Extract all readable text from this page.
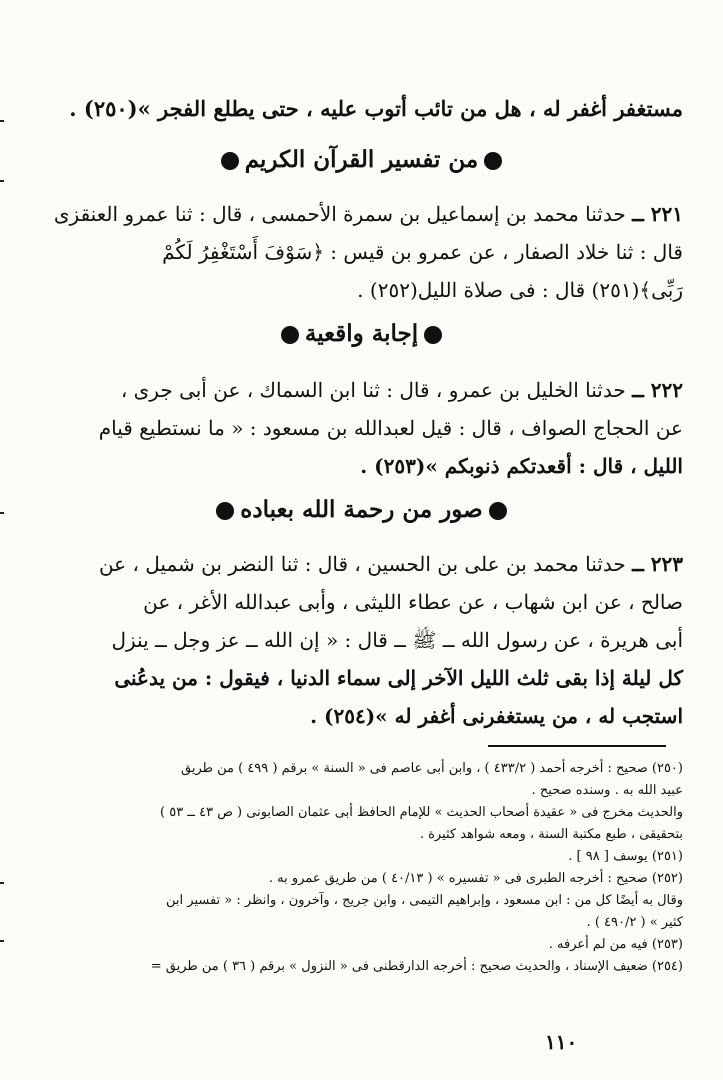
مستغفر أغفر له ، هل من تائب أتوب عليه ، حتى يطلع الفجر »(٢٥٠) .
من تفسير القرآن الكريم
٢٢١ ــ حدثنا محمد بن إسماعيل بن سمرة الأحمسى ، قال : ثنا عمرو العنقزى
قال : ثنا خلاد الصفار ، عن عمرو بن قيس : ﴿سَوْفَ أَسْتَغْفِرُ لَكُمْ
رَبِّى﴾(٢٥١) قال : فى صلاة الليل(٢٥٢) .
إجابة واقعية
٢٢٢ ــ حدثنا الخليل بن عمرو ، قال : ثنا ابن السماك ، عن أبى جرى ،
عن الحجاج الصواف ، قال : قيل لعبدالله بن مسعود : « ما نستطيع قيام
الليل ، قال : أقعدتكم ذنوبكم »(٢٥٣) .
صور من رحمة الله بعباده
٢٢٣ ــ حدثنا محمد بن على بن الحسين ، قال : ثنا النضر بن شميل ، عن
صالح ، عن ابن شهاب ، عن عطاء الليثى ، وأبى عبدالله الأغر ، عن
أبى هريرة ، عن رسول الله ــ ﷺ ــ قال : « إن الله ــ عز وجل ــ ينزل
كل ليلة إذا بقى ثلث الليل الآخر إلى سماء الدنيا ، فيقول : من يدعُنى
استجب له ، من يستغفرنى أغفر له »(٢٥٤) .
(٢٥٠) صحيح : أخرجه أحمد ( ٤٣٣/٢ ) ، وابن أبى عاصم فى « السنة » برقم ( ٤٩٩ ) من طريق
عبيد الله به . وسنده صحيح .
والحديث مخرج فى « عقيدة أصحاب الحديث » للإمام الحافظ أبى عثمان الصابونى ( ص ٤٣ ــ ٥٣ )
بتحقيقى ، طبع مكتبة السنة ، ومعه شواهد كثيرة .
(٢٥١) يوسف [ ٩٨ ] .
(٢٥٢) صحيح : أخرجه الطبرى فى « تفسيره » ( ٤٠/١٣ ) من طريق عمرو به .
وقال به أيضًا كل من : ابن مسعود ، وإبراهيم التيمى ، وابن جريج ، وآخرون ، وانظر : « تفسير ابن
كثير » ( ٤٩٠/٢ ) .
(٢٥٣) فيه من لم أعرفه .
(٢٥٤) ضعيف الإسناد ، والحديث صحيح : أخرجه الدارقطنى فى « النزول » برقم ( ٣٦ ) من طريق =
١١٠
